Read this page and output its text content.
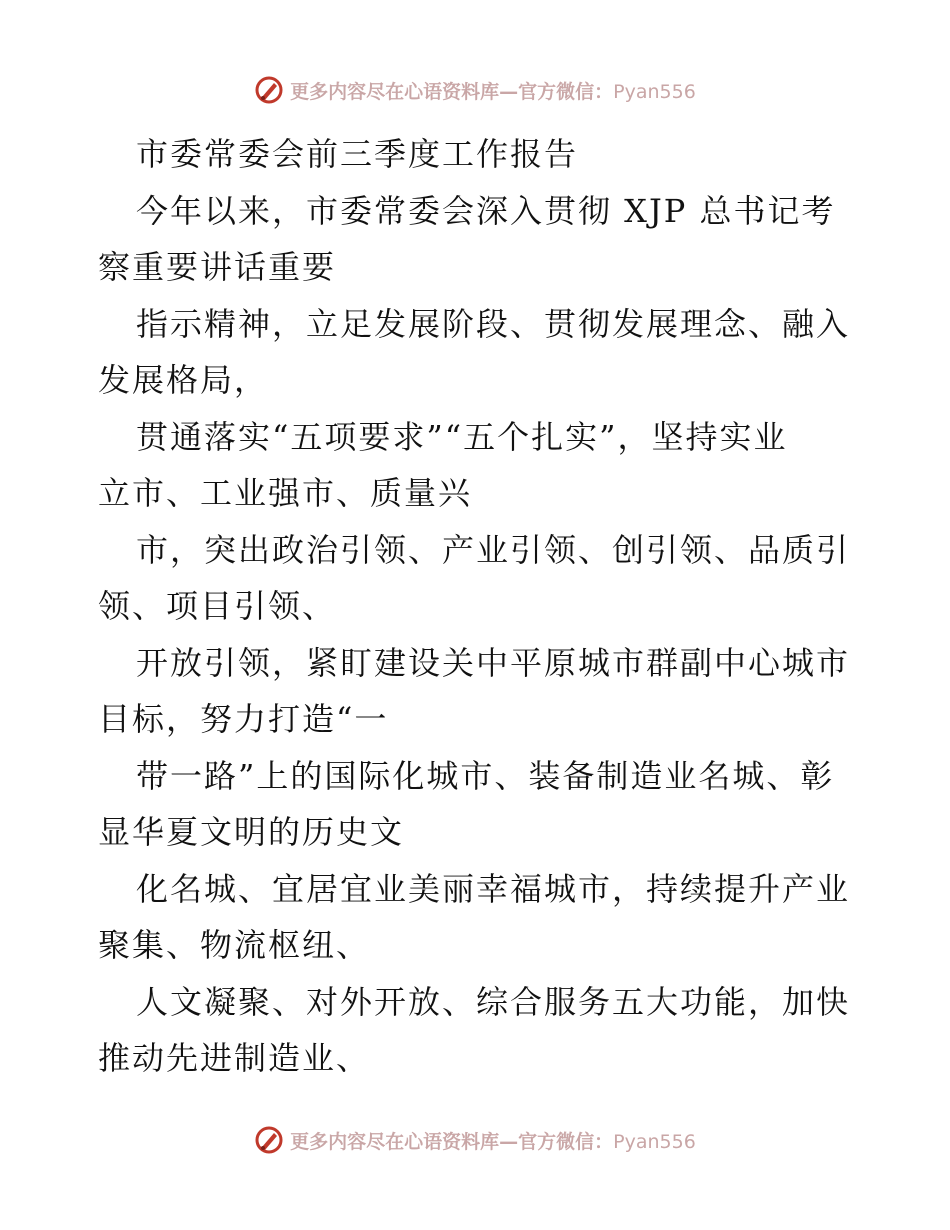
更多内容尽在心语资料库—官方微信：Pyan556
市委常委会前三季度工作报告
今年以来，市委常委会深入贯彻 XJP 总书记考
察重要讲话重要
指示精神，立足发展阶段、贯彻发展理念、融入
发展格局，
贯通落实“五项要求”“五个扎实”，坚持实业
立市、工业强市、质量兴
市，突出政治引领、产业引领、创引领、品质引
领、项目引领、
开放引领，紧盯建设关中平原城市群副中心城市
目标，努力打造“一
带一路”上的国际化城市、装备制造业名城、彰
显华夏文明的历史文
化名城、宜居宜业美丽幸福城市，持续提升产业
聚集、物流枢纽、
人文凝聚、对外开放、综合服务五大功能，加快
推动先进制造业、
更多内容尽在心语资料库—官方微信：Pyan556
